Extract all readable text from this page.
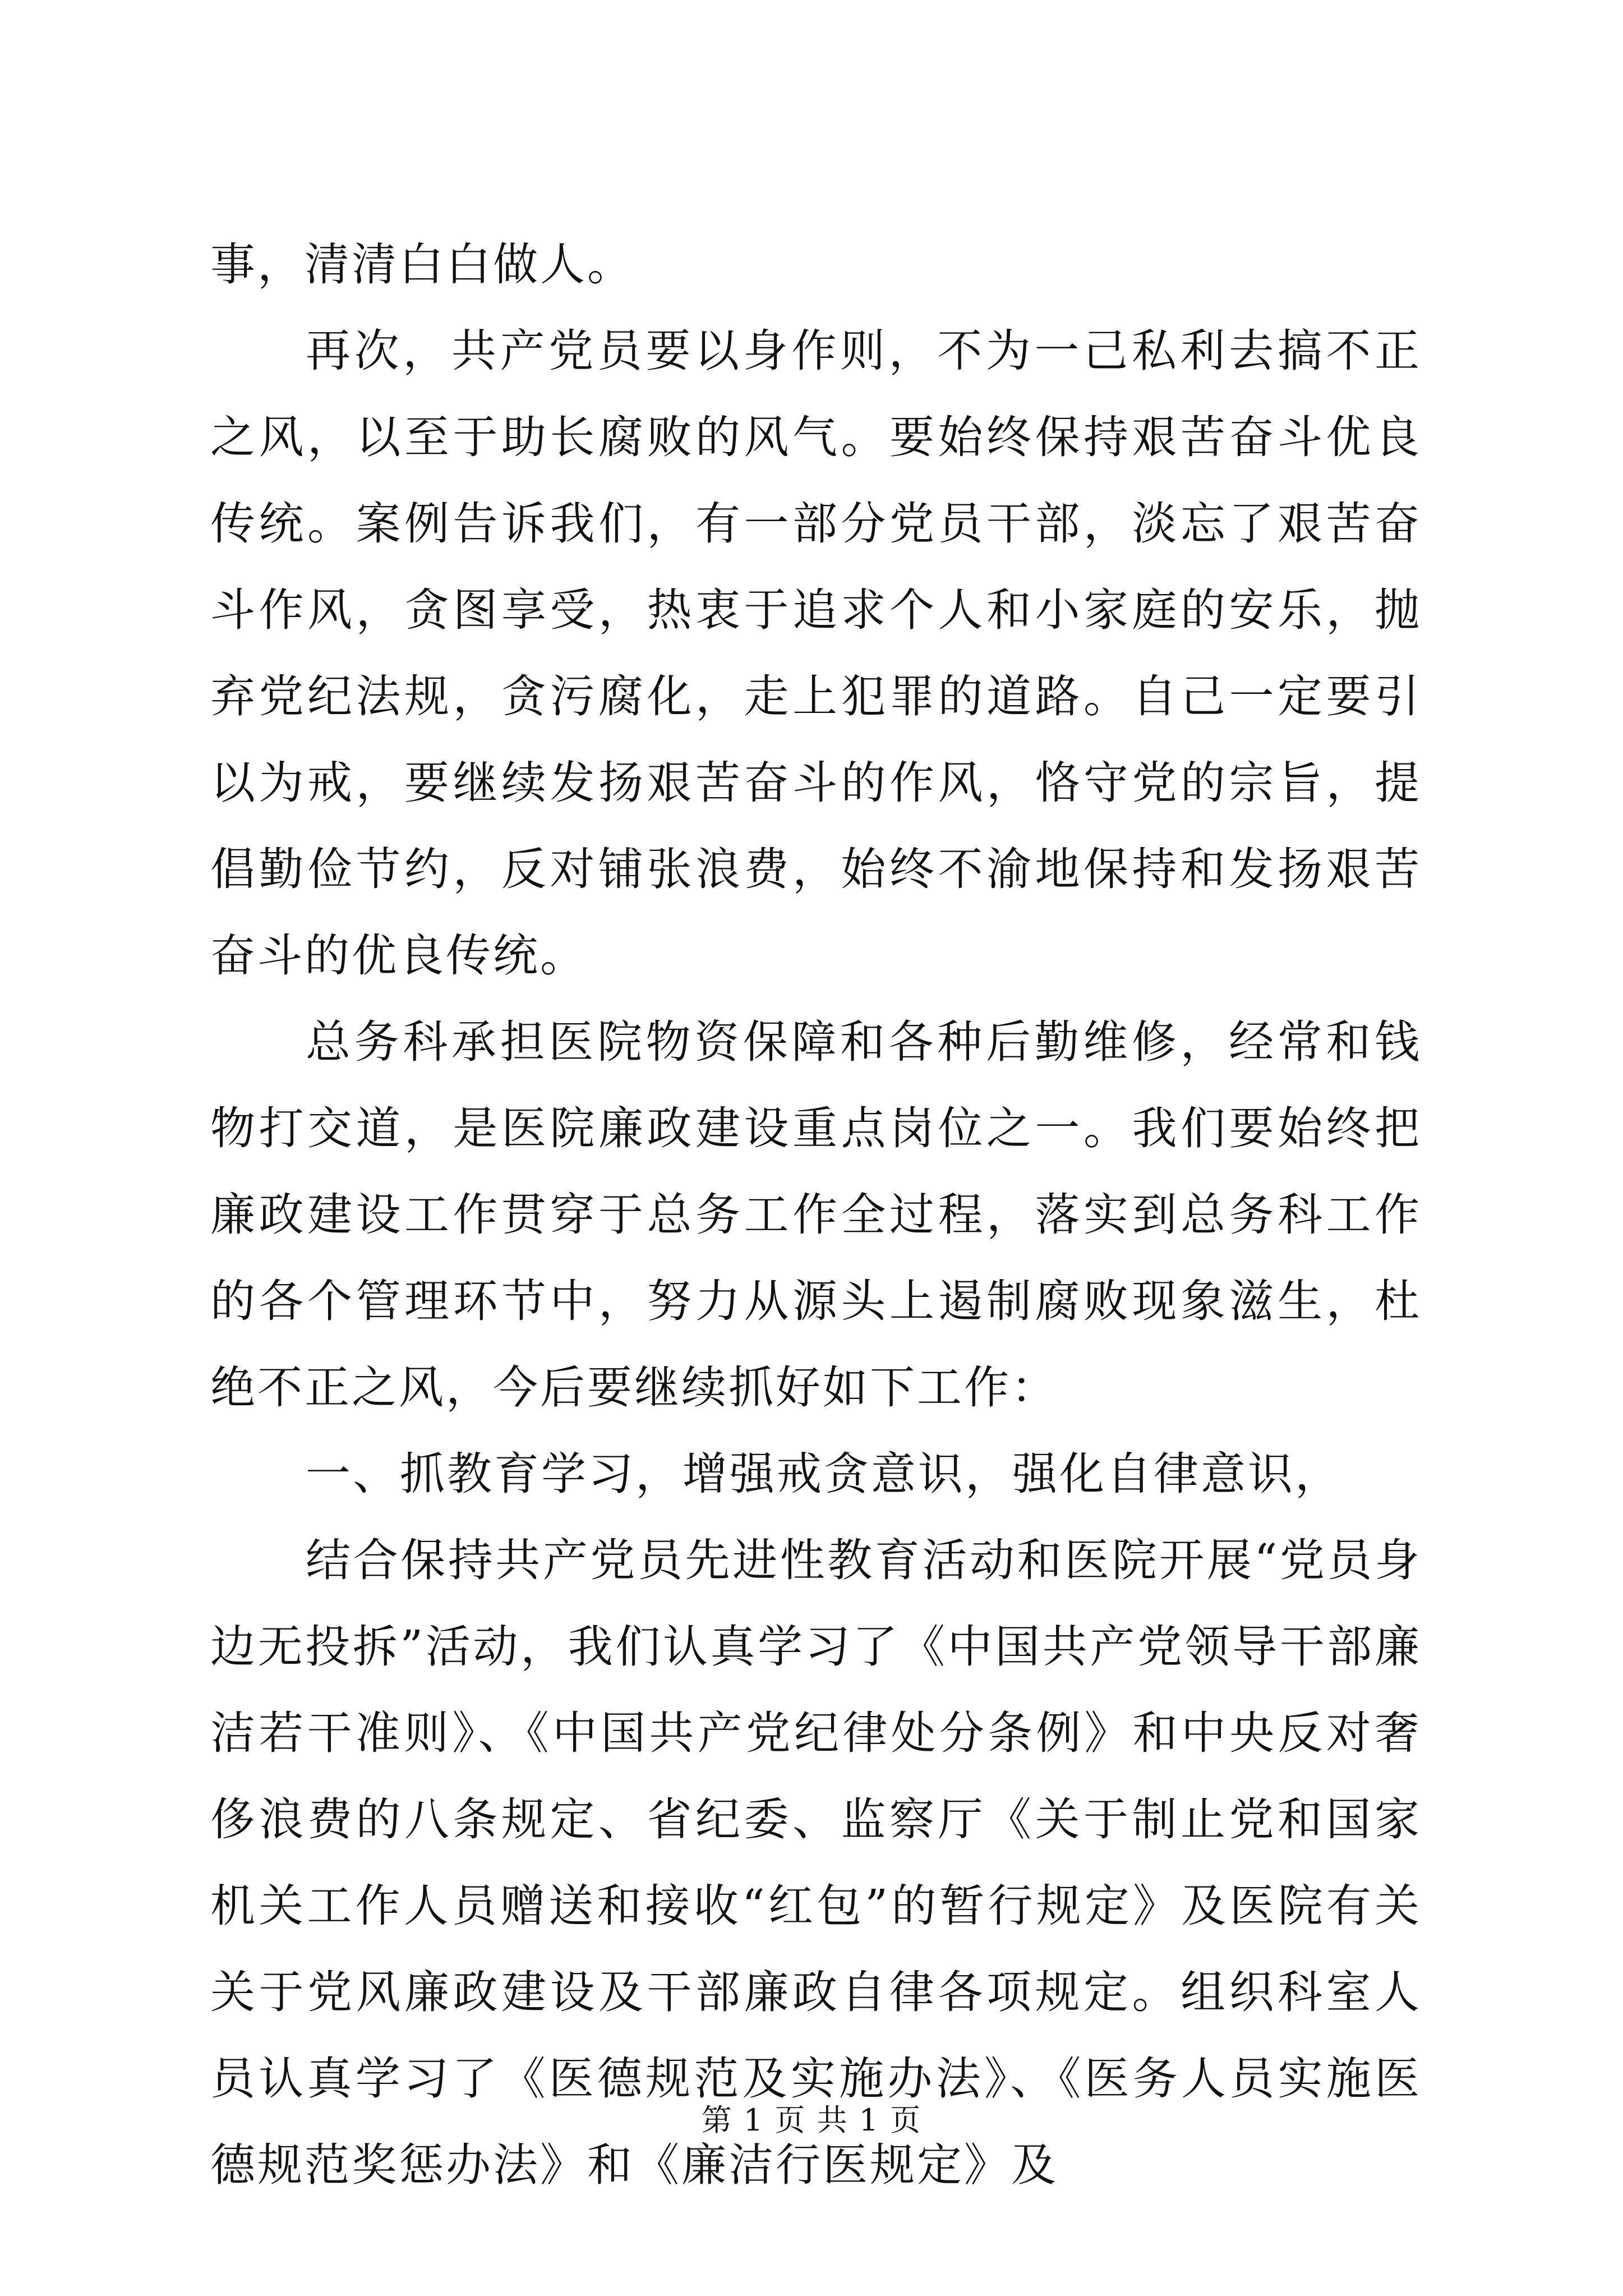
事，清清白白做人。

再次，共产党员要以身作则，不为一己私利去搞不正之风，以至于助长腐败的风气。要始终保持艰苦奋斗优良传统。案例告诉我们，有一部分党员干部，淡忘了艰苦奋斗作风，贪图享受，热衷于追求个人和小家庭的安乐，抛弃党纪法规，贪污腐化，走上犯罪的道路。自己一定要引以为戒，要继续发扬艰苦奋斗的作风，恪守党的宗旨，提倡勤俭节约，反对铺张浪费，始终不渝地保持和发扬艰苦奋斗的优良传统。

总务科承担医院物资保障和各种后勤维修，经常和钱物打交道，是医院廉政建设重点岗位之一。我们要始终把廉政建设工作贯穿于总务工作全过程，落实到总务科工作的各个管理环节中，努力从源头上遏制腐败现象滋生，杜绝不正之风，今后要继续抓好如下工作：

一、抓教育学习，增强戒贪意识，强化自律意识，

结合保持共产党员先进性教育活动和医院开展“党员身边无投拆”活动，我们认真学习了《中国共产党领导干部廉洁若干准则》、《中国共产党纪律处分条例》和中央反对奢侈浪费的八条规定、省纪委、监察厅《关于制止党和国家机关工作人员赠送和接收“红包”的暂行规定》及医院有关关于党风廉政建设及干部廉政自律各项规定。组织科室人员认真学习了《医德规范及实施办法》、《医务人员实施医德规范奖惩办法》和《廉洁行医规定》及

第 1 页 共 1 页
